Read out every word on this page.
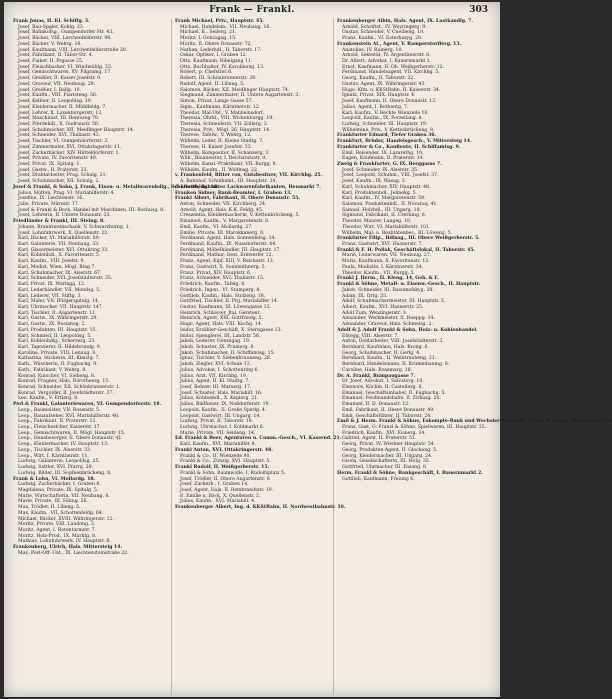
Frank — Frankl.	303
Frank Jonas, II. Kl. Schiffg. 3.
Josef, Bau-Spgler, Kohlg. 23.
Josef, Bahnkofsg., Gumpendorfer Str. 43.
Josef, Bäcker, VIII. Lerchenfelderstr. 98.
Josef, Bäcker, V. Wehrg. 16.
Josef, Kaufmann, VIII. Lerchenfelderstraße 20.
Josef, Fabrikant, II. Tabor-Str. 4.
Josef, Fiaker, II. Prgasse 25.
Josef, Fleischhacker, VI. Windmühlg. 33.
Josef, Gemischtwaren, XV. Pilgramg. 17.
Josef, Greißler, II. Kaiser Josefstr. 9.
Josef, Graveur, VII. Neubaug. 29.
Josef, Greißler, I. Ballg. 10.
Josef, Kaufm., VIII. Piaristeng. 56.
Josef, Kellner, II. Leopoldsg. 19.
Josef, Kleidermacher, II. Mühlfeldg. 7.
Josef, Lehrer, X. Laxenburgerstr. 12.
Josef, Maschinist, III. Rennweg 70.
Josef, Pferdehdl., X. Gudrunstr. 50.
Josef, Schuhmacher, XII. Meidlinger Hauptstr. 14.
Josef, Schneider, XVI. Thaliastr. 43.
Josef, Tischler, VI. Gumpendorferstr. 3.
Josef, Zimmermaler, XVI. Ottakringerstr. 11.
Josef, Zuckerbäcker, XIV. Hütteldorferstr. 1.
Josef, Private, IV. Favoritenstr. 40.
Josef, Privat, IX. Spitalg. 1.
Josef, Gastw., II. Praterstr. 33.
Josef, Drahtarbeiter, Prag. Schulg. 21.
Josef, Schuhmacher, XII. Schulg. 2.
Josef & Frankl, & Sohn, J. Frank, Eisen- u. Metallwarenhdlg., Schottenfeldg. 16.
Julius, Hütten, Prag. VI. Mariahilferstr. 4.
Josefine, IX. Liechtenstr. 16.
Julie, Private, Märzstr. 17.
Josef & Frankl & Beck, Handel mit Maschinen, III. Rochusg. 8.
Josef, Lehrerin, II. Untere Donaustr. 33.
Friedländer & Frankl, III. Steing. 8.
Johann, Branntweinschank, V. Schwarzhorng. 1.
Josef, Lohnfuhrwerk, X. Quellenstr. 23.
Karl, Bäcker, VI. Mariahilferstr. 89.
Karl, Galanterie, VII. Neubaug. 33.
Karl, Glasermeister, XVI. Ottakring 33.
Karl, Kohlenhdl., X. Favoritenstr. 5.
Karl, Kaufm., VIII. Josefst. 9.
Karl, Modist, Wien, Mögl. Ring 7.
Karl, Schuhmacher, IX. Alserstr. 67.
Karl, Schneider, XVI. Josefstädterstr. 35.
Karl, Privat, IX. Waringg. 12.
Karl, Lederhändler, VII. Mondsg. 5.
Karl, Lederer, VII. Stiftg. 3.
Karl, Maler, VII. Bürgerspitalg. 14.
Karl, Uhrmacher, VII. Hauptstr. 147.
Karl, Tischler, II. Augartenstr. 11.
Karl, Gastw., IX. Währingerstr. 29.
Karl, Gastw., IX. Rosianog. 2.
Karl, Produkten, III. Hauptstr. 15.
Karl, Schmied, II. Leopoldsg. 5.
Karl, Kohlenhdlg., Scherzerg. 23.
Karl, Tapezierer, II. Hildebrandg. 9.
Karoline, Private, VIII. Lenaug. 8.
Katharina, Stickerin, III. Kleistg. 7.
Kath., Wäscherin, II. Fugbachg. 9.
Kath., Fabrikant, V. Wehrg. 8.
Konrad, Kutscher, VI. Siebeng. 8.
Konrad, Fragner, Hals, Dorotheerg. 15.
Konrad, Schneider, XII. Schönbrunnerstr. 1.
Konrad, Vergolder, II. Josefstädterstr. 37.
Leo, Kaufm., V. Ertlerg. 8.
Perl & Frankl, Galanteriewaren, VI. Gumpendorferstr. 18.
Leop., Baumeister, VII. Rosenstr. 5.
Leop., Bauaufseher, XVI. Mariahilferstr. 40.
Leop., Fabrikant, II. Praterstr. 12.
Leop., Fleischselcher, Kaiserstr. 17.
Leop., Gemischtwaren, II. Mögl. Hauptstr. 15.
Leop., Hausbesorger, II. Obere Donaustr. 41.
Leop., Kleidermacher, IV. Hauptstr. 13.
Leop., Tischler, IX. Alserstr. 33.
Leop., Wirt, I. Kärntnerstr. 11.
Ludwig, Galanterie, Leopoldsg. 25.
Ludwig, Sattler, XVI. Pfarrg. 20.
Ludwig, Bilder, III. Sophienbrückeng. 8.
Frank & Lohn, VI. Mollardg. 18.
Ludwig, Zuckerbäcker, I. Graben 8.
Magdalena, Private, IX. Spitalg. 5.
Marie, Wirtschafterin, VII. Neubaug. 8.
Marie, Private, III. Sünng. 26.
Max, Trödler, II. Lilieng. 5.
Max, Kaufm., VII. Schottenfeldg. 64.
Michael, Bäcker, XVIII. Währingerstr. 12.
Moritz, Private, VIII. Laudong. 3.
Moritz, Agent, I. Rotenturmstr. 7.
Moritz, Holz-Prod., IX. Marktg. 8.
Mathias, Lohnfuhrwerk, IV. Hauptstr. 8.
Frankenberg, Ulrich, Hals. Mittersteig 14.
Max, Post-Off.-Unt., IX. Liechtensteinstraße 22.
Frank Michael, Priv., Hauptstr. 45.
Michael, Handelsm., VII. Neubaug. 16.
Michael, K., Seilerg. 21.
Moritz, I. Gonzagag. 15.
Moritz, II. Obere Donaustr. 72.
Nathan, Lederhdl., II. Taborstr. 17.
Oskar, Optiker, I. Graben 12.
Otto, Kaufmann, Ribelgang 11.
Otto, Buchhalter, IV. Karolineng. 13.
Robert, p. Chefstiwl 6.
Robert, III. Schönbrunnerstr. 28.
Rudolf, Agent, II. Lilieng. 5.
Salomon, Bäcker, XII. Meidlinger Hauptstr. 74.
Siegmund, Zimmermaler, II. Untere Augartenstr. 3.
Simon, Privat, Lange Gasse 57.
Sigm., Kaufmann, Kärntnerstr. 12.
Theodor, Mal-Ubl., V. Matzleinsdorf.
Theresia, Ohrkl., VIII. Wickenburgg. 19.
Theresia, Schneiderin, VII. Zollerg. 3.
Theresia, Priv., Mögl. 26, Hauptstr. 14.
Therese, Tafelw., V. Wehrg. 12.
Wilhelm, Leder, II. Kleine Stadtg. 7.
Therese, II. Kaiser Josefstr. 33.
Wilhelm, Kompositor, II. Schanzerg. 3.
Wilh., Baumeister, I. Reichsratsstr. 9.
Wilhelm, Kanzl.-Praktikant, VII. Burgg. 8.
Wilhelm, Kaufm., II. Wolfmsg. 22.
v. Frankenfeld, Ritter von, Gutsbesitzer, VII. Kirchbg. 25.
A. Bahnhof, Schulbamt., III. Hauptstr. 34.
& Löwith, Schnitter Lackwarenfabrikanten, Heumarkt 7.
Franken Sidney, Bank-Beamter, I. Graben 13.
Frankl Albert, Fabrikant, II. Obere Donaustr. 55.
Anton, Schneider, VII. Kirchberg. 24.
Arnold, Agent, Hals. K.K. Feldg. 45.
Creszentia, Kleidermacherin, V. Kettenbrückeng. 5.
Emanuel, Kaufm., V. Margaretenstr. 8.
Emil, Kaufm., VI. Mollardg. 27.
Emilie, Private, III. Marokkanerg. 8.
Ferdinand, Agent, Hals. Sonnenfelsg. 14.
Ferdinand, Kaufm., IX. Nussdorferstr. 64.
Ferdinand, Möbelhändler, III. Hauptstr. 17.
Ferdinand, Mathur, Oest. Erdwerfer 12.
Franz, Agent, Kipf. XIII, V. Reichsstr. 13.
Franz, Gastwirt, X. Sonnleithnerg. 5.
Franz, Privat, XIV. Hauptstr. 6.
Franz, Schneider, XVI. Thaliastr. 15.
Friedrich, Kaufm., Tafelg. 6.
Friedrich, Ingen., VI. Stumperg. 8.
Gottlieb, Kaufm., Hals. Stolzeng. 18.
Gottfried, Tischler, II. Prg. Mariahilfer 14.
Gustav, Kaufmann, III. Löwengasse 12.
Heinrich, Schlosser, Jtal, Gerstenr.
Heinrich, Agent, XIII. Gottfriedg. 5.
Hugo, Agent, Hals. VIII. Kochg. 14.
Isidor, Erzähler-Geschäft, X. Sterngasse 13.
Isidor, Spenglerei, III. Landstr. 56.
Jakob, Lederer, Gonzagag. 19.
Jakob, Schuster, IX. Pramerg. 8.
Jakob, Schuhmacher, II. Schiffamtsg. 15.
Ignaz, Tischler, V. Siebenbrunneng. 28.
Jakob, Ziegler, XVI. Schule 13.
Julius, Advokat, I. Schottenring 6.
Julius, Arzt, VII. Kirchbg. 19.
Julius, Agent, II. Kl. Stadtg. 7.
Josef, Bohrer, III. Marxerg. 17.
Josef, Schuster, Hals. Mariahilf. 16.
Julius, Kohlenhdl., X. Keplerg. 21.
Julius, Bildhauer, IX. Nußdorferstr. 19.
Leopold, Kaufm., II. Große Sperlg. 4.
Leopold, Gastwirt, III. Ungarg. 14.
Ludwig, Privat, II. Taborstr. 18.
Ludwig, Uhrmacher, I. Kohlmarkt 6.
Marie, Private, VII. Seideng. 14.
Ed. Frankl & Beer, Agenturen u. Comm.-Gesch., VI. Kasernd. 21.
Karl, Kaufm., XVI. Mariahilfer 9.
Frankl Anton, XVI. Ottakringerstr. 48.
Frankl & Co., II. Wienzeile 90.
Frankl & Co., Zünzig. XVI. Hauptstr. 5.
Frankl Rudolf, II. Weißgerberstr. 15.
Frankl & Sohn, Baumwolle, I. Rudolfsplatz 5.
Josef, Trödler, II. Obere Augartenstr. 8.
Josef, Zuckerb., I. Graben 14.
Josef, Agent, Hals. II. Rembrandtstr. 19.
E. Emilie u. Bäck, X. Quellenstr. 3.
Julius, Kaufm., XVI. Mariahilf. 4.
Frankenberger Albert, Ing. d. KKStBahn, II. Nordwestbahnstr. 10.
Frankenberger Albin, Hals. Agent, IX. Lustkandlg. 7.
Arnold, Schriftst., IV. Weyringerg. 9.
Gustav, Schneider, V. Cueilleng. 19.
Franz, Kaufm., VI. Esterhazyg. 20.
Frankenstein Al., Agent, V. Ramperstorfferg. 13.
Anatolius, IV. Rainerg. 10.
Arnold, Sekretär, IV. Argentinierstr. 8.
Dr. Albert, Advokat, I. Bauernmarkt 1.
Ernst, Kaufmann, II. Ob. Weißgerberstr. 12.
Ferdinand, Handelsagent, VII. Kirchbg. 5.
Georg, Kaufm., II. Taborstr. 22.
Gustav, Agent, IX. Währingerstr. 43.
Hugo, Kfm. u. KKStBahn, II. Kaiserstr. 34.
Ignatz, Privat, XIX. Hauptstr. 4.
Josef, Kaufmann, II. Obere Donaustr. 13.
Julius, Agent, I. Rothentg. 7.
Karl, Kaufm., V. Rechte Wienzeile 16.
Leopold, Kaufm., IX. Porzellang. 8.
Ludwig, Schneider, III. Hauptstr. 19.
Wilhelmine, Priv., V. Kettenbrückeng. 8.
Frankfurter Eduard, Tiefer Graben 36.
Frankfurt, Brüder, Handelsgesch., V. Mittersteig 14.
Frankfurter & Co., Kaufleute, II. Schiffamtsg. 9.
Emil, Reisender, IX. Lazarethg. 10.
Eugen, Kaufmann, II. Praterstr. 14.
Zweig & Frankfurter, G. IX. Berggasse 7.
Josef, Schneider, IX. Alserstr. 35.
Josef, Leopold, Schuhm., VIII. Josefst. 37.
Josef, Kaufm., IX. Wasag. 3.
Karl, Schuhmacher, XIV. Hauptstr. 48.
Karl, Produktenhdl., Jelinekg. 5.
Karl, Kaufm., IV. Margaretenstr. 59.
Salomon, Produktenhdl., II. Novaraq. 41.
Samuel, Holzhdl., III. Ungarg. 10.
Sigmund, Fabrikant, II. Czerning. 6.
Theodor, Maurer, Langeg. 18.
Theodor, Wirt, VI. Mariahilferstr. 101.
Wilhelm, Mal. u. Realitätenbes., III. Löweng. 5.
Frankfurter Filip., Hdlsag., III. Obere Weißgerberstr. 5.
Franz, Gastwirt, XVI. Hasnerstr. 7.
Frankl & F. H. Pollak, Geschäftslokal, II. Taborstr. 45.
Marie, Lederwaren, VII. Neubaug. 27.
Moriz, Kaufmann, X. Favoritenstr. 12.
Paula, Modistin, I. Kärntnerstr. 34.
Theodor, Kaufm., VII. Burgg. 5.
Frankl J. Herm., II. Kleng. 14, Geb. & F.
Frankl & Söhne, Metall- u. Eisenw.-Gesch., II. Hauptstr.
Jakob, Schneider, III. Rasumofskyg. 28.
Adam, III. Ortg. 33.
Adolf, Schuhmachermeister, III. Hauptstr. 5.
Albert, Kaufm., XVI. Hasnerstr. 25.
Adolf Zum, Wenzingerstr. 3.
Alexander, Werkmeister, II. Rueppg. 14.
Alexander, Graveur, Hals. Schmelzg. 2.
Adolf & J. Adolf Frankl & Sohn, Holz- u. Kohlenhandel.
Elitegg, VIII. Alserstr. 7.
Anton, Goldarbeiter, VIII. Josefstädterstr. 3.
Bernhard, Kaufmann, Hals. Krong. 6.
Georg, Schuhmacher, II. Gerlg. 4.
Bernhard, Kaufm., II. Weintraubeng. 21.
Bernhard, Handelsmann, II. Krummbaumg. 8.
Caroline, Hals. Rosemarg. 18.
Dr. A. Frankl, Rumpaugasse 7.
Dr. Josef, Advokat, I. Salvatorg. 10.
Eleonore, Köchin, II. Castellezg. 8.
Emanuel, Geschäftsinhaber, II. Fugbachg. 5.
Emanuel, Ferdinandsbahn, II. Zirkusg. 20.
Emanuel, II. D. Donaustr. 12.
Emil, Fabrikant, II. Obere Donaustr. 49.
Emil, Geschäftsführer, II. Taborstr. 24.
Emil & J. Herm. Frankl & Söhne, Eskompte-Bank und Wechsler-Geschäft, Frankl & Comp., Bauernmarkt 2.
Franz, Gast, G. Franzl & Söhne, Spielwaren, III. Hauptstr. 35.
Friedrich, Kaufm., XVI. Eisnerg. 34.
Gabriel, Agent, II. Praterstr. 51.
Georg, Privat, IV. Wiedner Hauptstr. 54.
Georg, Produkten-Agent, II. Glockeng. 5.
Georg, Kleidermacher, III. Ungarg. 24.
Gisela, Gesellschafterin, III. Hofg. 35.
Gottfried, Uhrmacher, III. Fasang. 8.
Herm. Frankl & Söhne, Bankgeschäft, I. Bauernmarkt 2.
Gottlieb, Kaufmann, Freiung 6.
